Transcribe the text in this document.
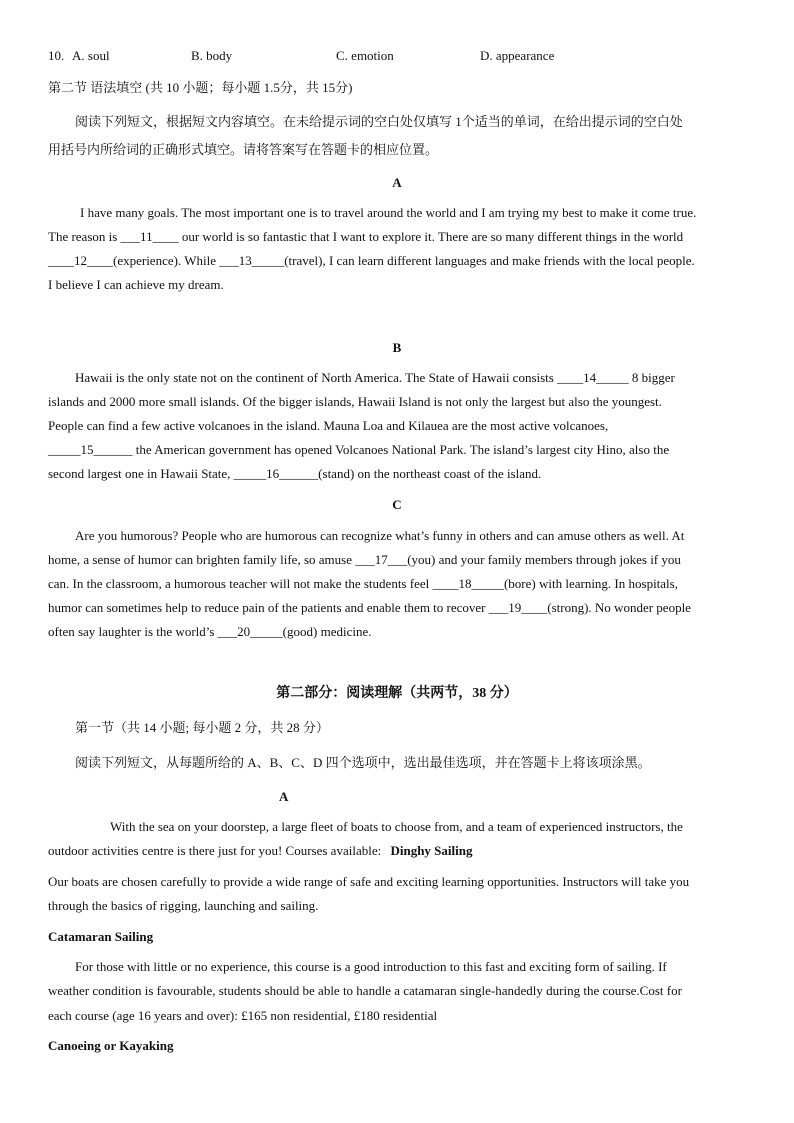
10. A. soul	B. body	C. emotion	D. appearance
第二节 语法填空 (共 10 小题；每小题 1.5分，共 15分)
阅读下列短文，根据短文内容填空。在未给提示词的空白处仅填写 1个适当的单词，在给出提示词的空白处
用括号内所给词的正确形式填空。请将答案写在答题卡的相应位置。
A
I have many goals. The most important one is to travel around the world and I am trying my best to make it come true.
The reason is ___11____ our world is so fantastic that I want to explore it. There are so many different things in the world
____12____(experience). While ___13_____(travel), I can learn different languages and make friends with the local people.
I believe I can achieve my dream.
B
Hawaii is the only state not on the continent of North America. The State of Hawaii consists ____14_____ 8 bigger
islands and 2000 more small islands. Of the bigger islands, Hawaii Island is not only the largest but also the youngest.
People can find a few active volcanoes in the island. Mauna Loa and Kilauea are the most active volcanoes,
_____15______ the American government has opened Volcanoes National Park. The island’s largest city Hino, also the
second largest one in Hawaii State, _____16______(stand) on the northeast coast of the island.
C
Are you humorous? People who are humorous can recognize what’s funny in others and can amuse others as well. At
home, a sense of humor can brighten family life, so amuse ___17___(you) and your family members through jokes if you
can. In the classroom, a humorous teacher will not make the students feel ____18_____(bore) with learning. In hospitals,
humor can sometimes help to reduce pain of the patients and enable them to recover ___19____(strong). No wonder people
often say laughter is the world’s ___20_____(good) medicine.
第二部分：阅读理解（共两节，38 分）
第一节（共 14 小题; 每小题 2 分，共 28 分）
阅读下列短文，从每题所给的 A、B、C、D 四个选项中，选出最佳选项，并在答题卡上将该项涂黑。
A
With the sea on your doorstep, a large fleet of boats to choose from, and a team of experienced instructors, the
outdoor activities centre is there just for you! Courses available: Dinghy Sailing
Our boats are chosen carefully to provide a wide range of safe and exciting learning opportunities. Instructors will take you
through the basics of rigging, launching and sailing.
Catamaran Sailing
For those with little or no experience, this course is a good introduction to this fast and exciting form of sailing. If
weather condition is favourable, students should be able to handle a catamaran single-handedly during the course.Cost for
each course (age 16 years and over): £165 non residential, £180 residential
Canoeing or Kayaking
